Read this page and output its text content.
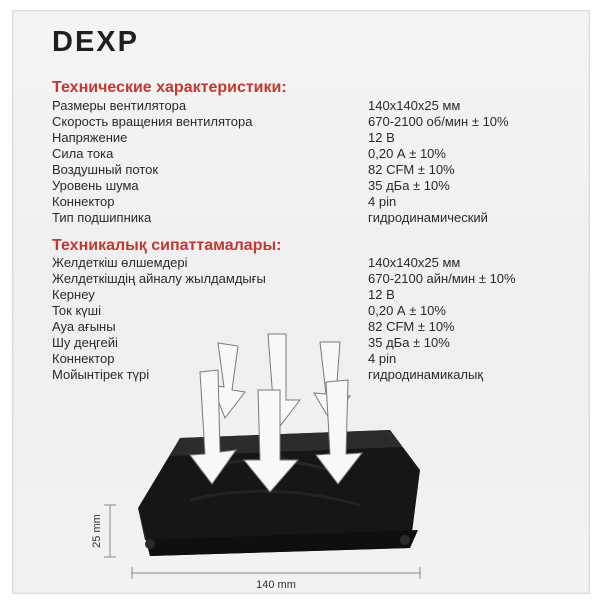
DEXP
Технические характеристики:
Размеры вентилятора	140x140x25 мм
Скорость вращения вентилятора	670-2100 об/мин ± 10%
Напряжение	12 В
Сила тока	0,20 А ± 10%
Воздушный поток	82 CFM ± 10%
Уровень шума	35 дБа ± 10%
Коннектор	4 pin
Тип подшипника	гидродинамический
Техникалық сипаттамалары:
Желдеткіш өлшемдері	140x140x25 мм
Желдеткішдің айналу жылдамдығы	670-2100 айн/мин ± 10%
Кернеу	12 В
Ток күші	0,20 А ± 10%
Ауа ағыны	82 CFM ± 10%
Шу деңгейі	35 дБа ± 10%
Коннектор	4 pin
Мойынтірек түрі	гидродинамикалық
25 mm
140 mm
